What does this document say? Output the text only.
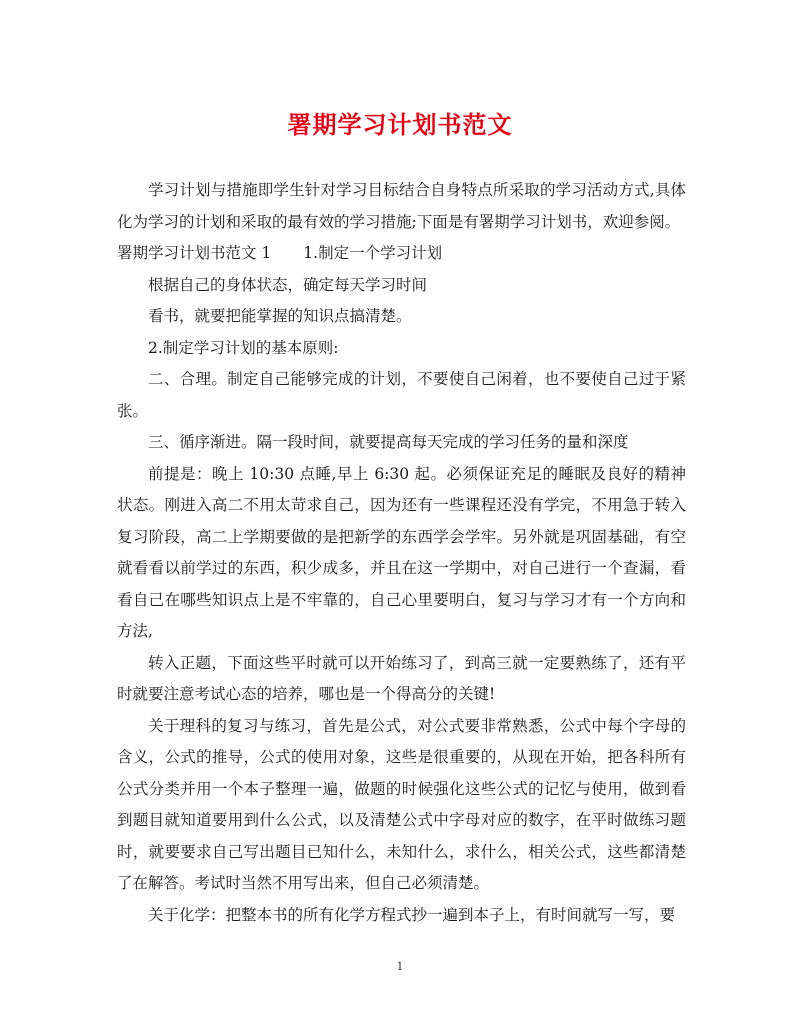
署期学习计划书范文

学习计划与措施即学生针对学习目标结合自身特点所采取的学习活动方式,具体化为学习的计划和采取的最有效的学习措施;下面是有署期学习计划书，欢迎参阅。

署期学习计划书范文 1 1.制定一个学习计划

根据自己的身体状态，确定每天学习时间

看书，就要把能掌握的知识点搞清楚。

2.制定学习计划的基本原则:

二、合理。制定自己能够完成的计划，不要使自己闲着，也不要使自己过于紧张。

三、循序渐进。隔一段时间，就要提高每天完成的学习任务的量和深度

前提是：晚上 10:30 点睡,早上 6:30 起。必须保证充足的睡眠及良好的精神状态。刚进入高二不用太苛求自己，因为还有一些课程还没有学完，不用急于转入复习阶段，高二上学期要做的是把新学的东西学会学牢。另外就是巩固基础，有空就看看以前学过的东西，积少成多，并且在这一学期中，对自己进行一个查漏，看看自己在哪些知识点上是不牢靠的，自己心里要明白，复习与学习才有一个方向和方法,

转入正题，下面这些平时就可以开始练习了，到高三就一定要熟练了，还有平时就要注意考试心态的培养，哪也是一个得高分的关键!

关于理科的复习与练习，首先是公式，对公式要非常熟悉，公式中每个字母的含义，公式的推导，公式的使用对象，这些是很重要的，从现在开始，把各科所有公式分类并用一个本子整理一遍，做题的时候强化这些公式的记忆与使用，做到看到题目就知道要用到什么公式，以及清楚公式中字母对应的数字，在平时做练习题时，就要要求自己写出题目已知什么，未知什么，求什么，相关公式，这些都清楚了在解答。考试时当然不用写出来，但自己必须清楚。

关于化学：把整本书的所有化学方程式抄一遍到本子上，有时间就写一写，要

1
